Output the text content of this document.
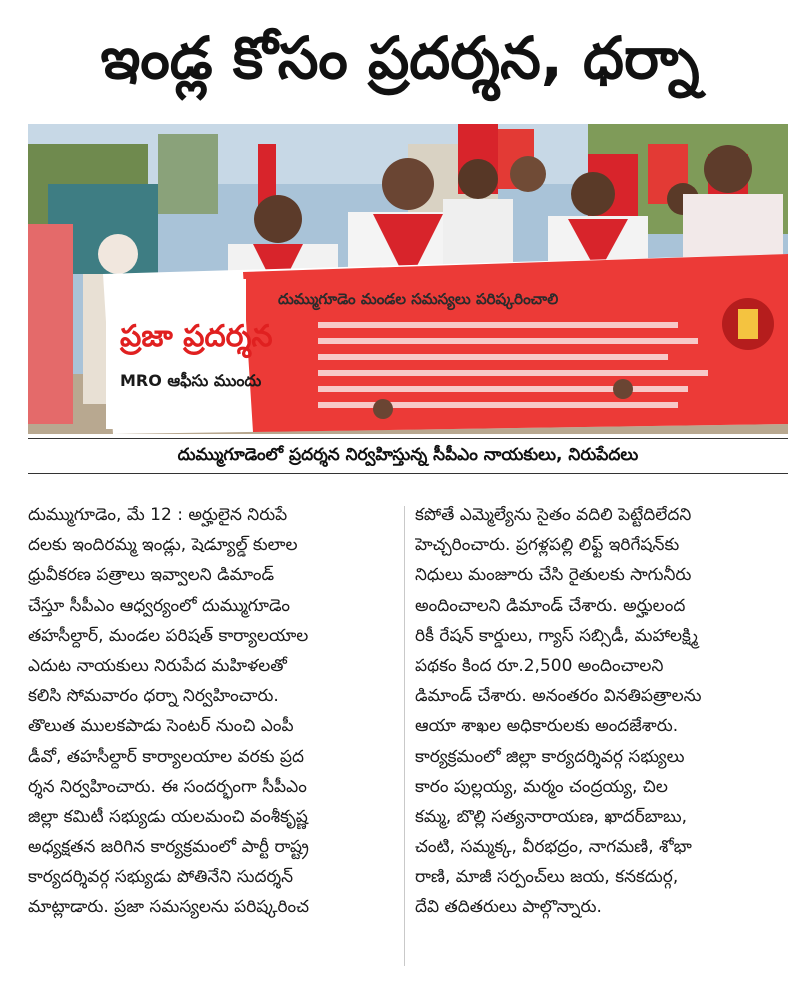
ఇండ్ల కోసం ప్రదర్శన, ధర్నా
దుమ్ముగూడెం మండల సమస్యలు పరిష్కరించాలి
ప్రజా ప్రదర్శన
MRO ఆఫీసు ముందు
దుమ్ముగూడెంలో ప్రదర్శన నిర్వహిస్తున్న సీపీఎం నాయకులు, నిరుపేదలు
దుమ్ముగూడెం, మే 12 : అర్హులైన నిరుపే
దలకు ఇందిరమ్మ ఇండ్లు, షెడ్యూల్డ్ కులాల
ధ్రువీకరణ పత్రాలు ఇవ్వాలని డిమాండ్
చేస్తూ సీపీఎం ఆధ్వర్యంలో దుమ్ముగూడెం
తహసీల్దార్, మండల పరిషత్ కార్యాలయాల
ఎదుట నాయకులు నిరుపేద మహిళలతో
కలిసి సోమవారం ధర్నా నిర్వహించారు.
తొలుత ములకపాడు సెంటర్ నుంచి ఎంపీ
డీవో, తహసీల్దార్ కార్యాలయాల వరకు ప్రద
ర్శన నిర్వహించారు. ఈ సందర్భంగా సీపీఎం
జిల్లా కమిటీ సభ్యుడు యలమంచి వంశీకృష్ణ
అధ్యక్షతన జరిగిన కార్యక్రమంలో పార్టీ రాష్ట్ర
కార్యదర్శివర్గ సభ్యుడు పోతినేని సుదర్శన్
మాట్లాడారు. ప్రజా సమస్యలను పరిష్కరించ
కపోతే ఎమ్మెల్యేను సైతం వదిలి పెట్టేదిలేదని
హెచ్చరించారు. ప్రగళ్లపల్లి లిఫ్ట్ ఇరిగేషన్‌కు
నిధులు మంజూరు చేసి రైతులకు సాగునీరు
అందించాలని డిమాండ్ చేశారు. అర్హులంద
రికీ రేషన్ కార్డులు, గ్యాస్ సబ్సిడీ, మహాలక్ష్మి
పథకం కింద రూ.2,500 అందించాలని
డిమాండ్ చేశారు. అనంతరం వినతిపత్రాలను
ఆయా శాఖల అధికారులకు అందజేశారు.
కార్యక్రమంలో జిల్లా కార్యదర్శివర్గ సభ్యులు
కారం పుల్లయ్య, మర్మం చంద్రయ్య, చిల
కమ్మ, బొల్లి సత్యనారాయణ, ఖాదర్‌బాబు,
చంటి, సమ్మక్క, వీరభద్రం, నాగమణి, శోభా
రాణి, మాజీ సర్పంచ్‌లు జయ, కనకదుర్గ,
దేవి తదితరులు పాల్గొన్నారు.
